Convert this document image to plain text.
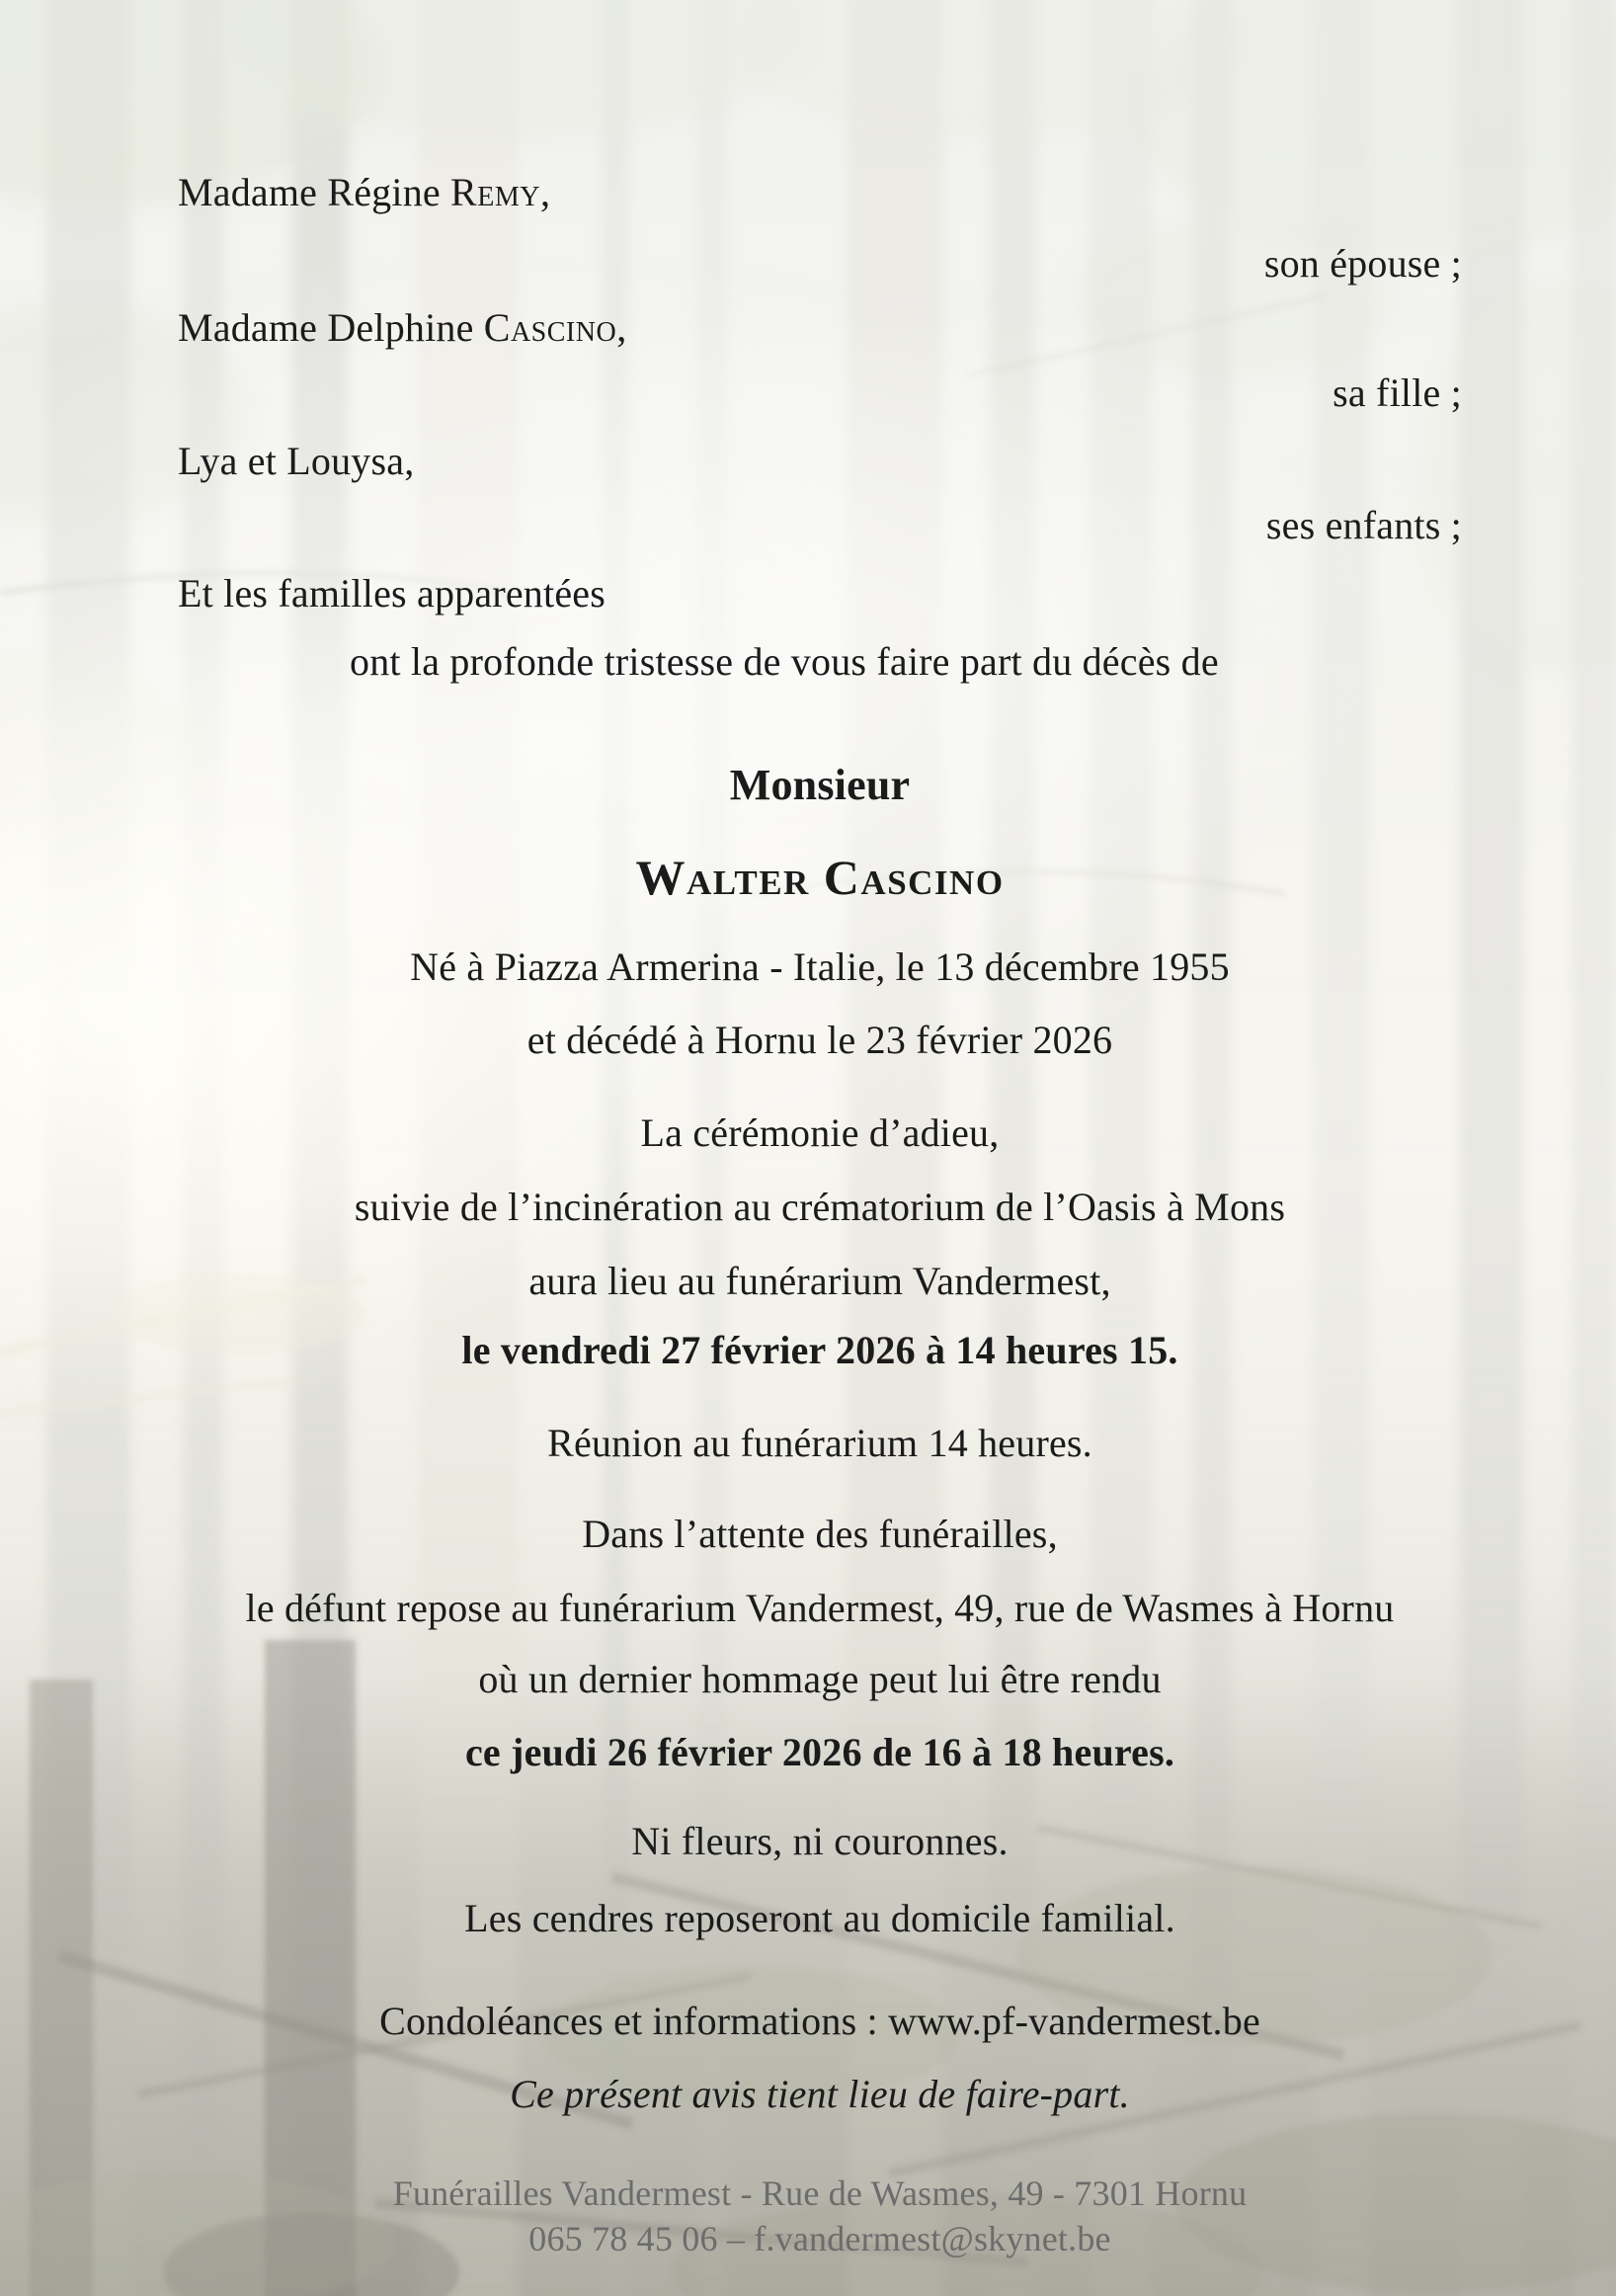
Madame Régine Remy,
son épouse ;
Madame Delphine Cascino,
sa fille ;
Lya et Louysa,
ses enfants ;
Et les familles apparentées
ont la profonde tristesse de vous faire part du décès de
Monsieur
Walter Cascino
Né à Piazza Armerina - Italie, le 13 décembre 1955
et décédé à Hornu le 23 février 2026
La cérémonie d’adieu,
suivie de l’incinération au crématorium de l’Oasis à Mons
aura lieu au funérarium Vandermest,
le vendredi 27 février 2026 à 14 heures 15.
Réunion au funérarium 14 heures.
Dans l’attente des funérailles,
le défunt repose au funérarium Vandermest, 49, rue de Wasmes à Hornu
où un dernier hommage peut lui être rendu
ce jeudi 26 février 2026 de 16 à 18 heures.
Ni fleurs, ni couronnes.
Les cendres reposeront au domicile familial.
Condoléances et informations : www.pf-vandermest.be
Ce présent avis tient lieu de faire-part.
Funérailles Vandermest - Rue de Wasmes, 49 - 7301 Hornu
065 78 45 06 – f.vandermest@skynet.be
